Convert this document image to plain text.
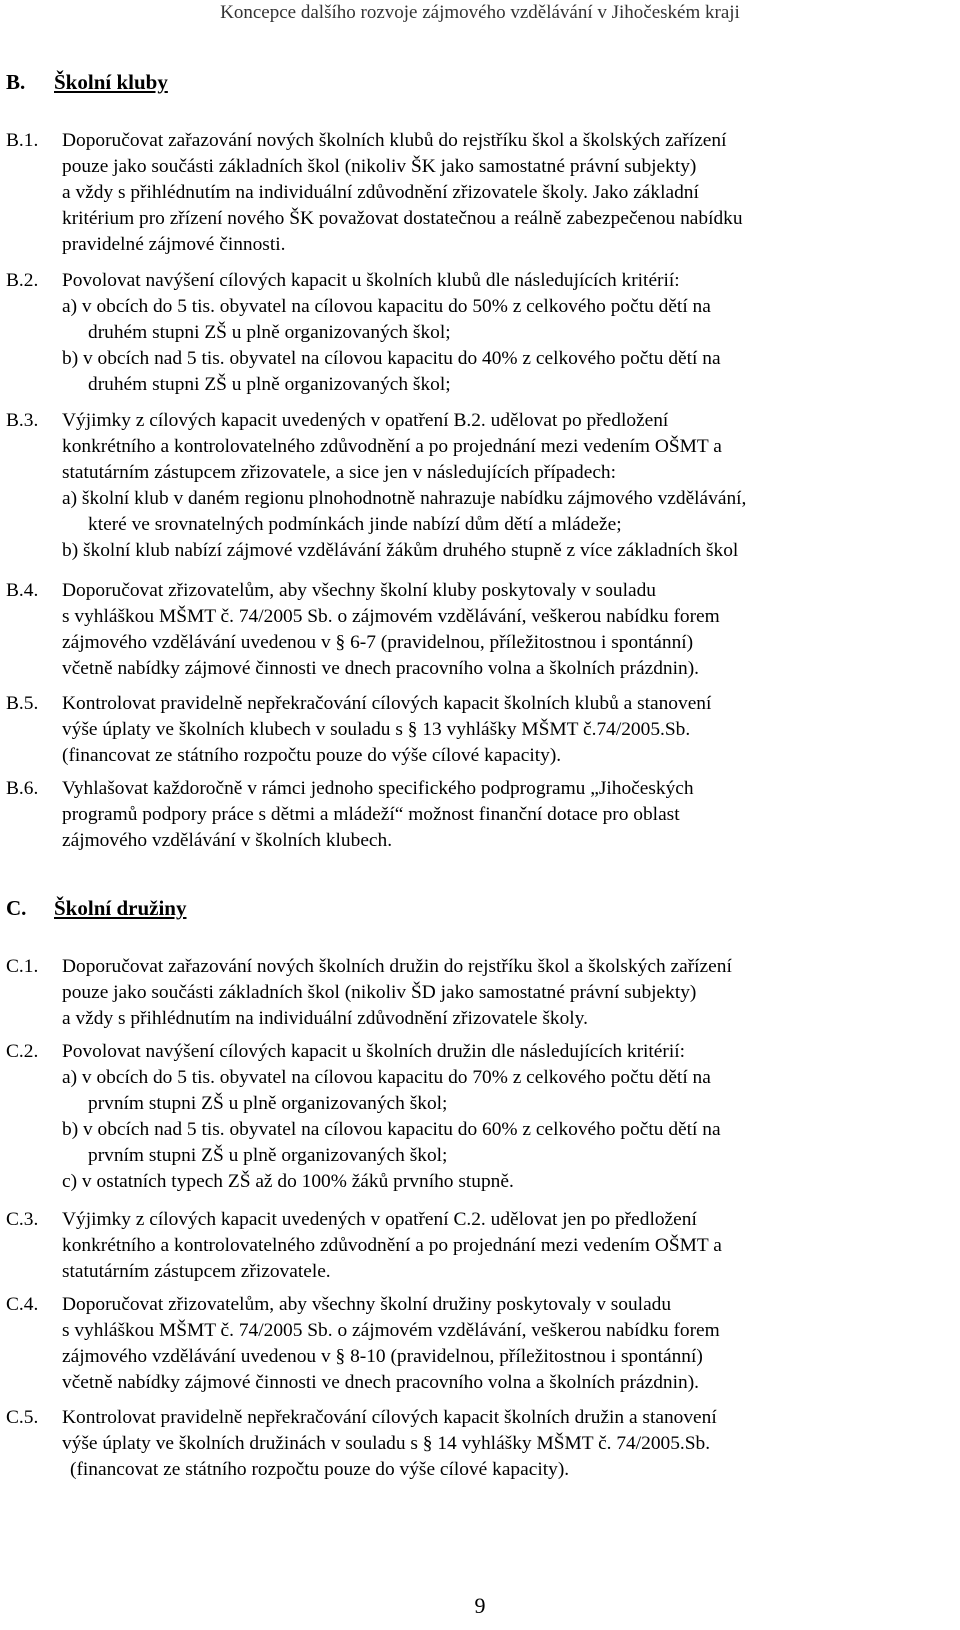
Koncepce dalšího rozvoje zájmového vzdělávání v Jihočeském kraji
B. Školní kluby
B.1.	Doporučovat zařazování nových školních klubů do rejstříku škol a školských zařízení
pouze jako součásti základních škol (nikoliv ŠK jako samostatné právní subjekty)
a vždy s přihlédnutím na individuální zdůvodnění zřizovatele školy. Jako základní
kritérium pro zřízení nového ŠK považovat dostatečnou a reálně zabezpečenou nabídku
pravidelné zájmové činnosti.
B.2.	Povolovat navýšení cílových kapacit u školních klubů dle následujících kritérií:
a) v obcích do 5 tis. obyvatel na cílovou kapacitu do 50% z celkového počtu dětí na
druhém stupni ZŠ u plně organizovaných škol;
b) v obcích nad 5 tis. obyvatel na cílovou kapacitu do 40% z celkového počtu dětí na
druhém stupni ZŠ u plně organizovaných škol;
B.3.	Výjimky z cílových kapacit uvedených v opatření B.2. udělovat po předložení
konkrétního a kontrolovatelného zdůvodnění a po projednání mezi vedením OŠMT a
statutárním zástupcem zřizovatele, a sice jen v následujících případech:
a) školní klub v daném regionu plnohodnotně nahrazuje nabídku zájmového vzdělávání,
které ve srovnatelných podmínkách jinde nabízí dům dětí a mládeže;
b) školní klub nabízí zájmové vzdělávání žákům druhého stupně z více základních škol
B.4.	Doporučovat zřizovatelům, aby všechny školní kluby poskytovaly v souladu
s vyhláškou MŠMT č. 74/2005 Sb. o zájmovém vzdělávání, veškerou nabídku forem
zájmového vzdělávání uvedenou v § 6-7 (pravidelnou, příležitostnou i spontánní)
včetně nabídky zájmové činnosti ve dnech pracovního volna a školních prázdnin).
B.5.	Kontrolovat pravidelně nepřekračování cílových kapacit školních klubů a stanovení
výše úplaty ve školních klubech v souladu s § 13 vyhlášky MŠMT č.74/2005.Sb.
(financovat ze státního rozpočtu pouze do výše cílové kapacity).
B.6.	Vyhlašovat každoročně v rámci jednoho specifického podprogramu „Jihočeských
programů podpory práce s dětmi a mládeží“ možnost finanční dotace pro oblast
zájmového vzdělávání v školních klubech.
C. Školní družiny
C.1.	Doporučovat zařazování nových školních družin do rejstříku škol a školských zařízení
pouze jako součásti základních škol (nikoliv ŠD jako samostatné právní subjekty)
a vždy s přihlédnutím na individuální zdůvodnění zřizovatele školy.
C.2.	Povolovat navýšení cílových kapacit u školních družin dle následujících kritérií:
a) v obcích do 5 tis. obyvatel na cílovou kapacitu do 70% z celkového počtu dětí na
prvním stupni ZŠ u plně organizovaných škol;
b) v obcích nad 5 tis. obyvatel na cílovou kapacitu do 60% z celkového počtu dětí na
prvním stupni ZŠ u plně organizovaných škol;
c) v ostatních typech ZŠ až do 100% žáků prvního stupně.
C.3.	Výjimky z cílových kapacit uvedených v opatření C.2. udělovat jen po předložení
konkrétního a kontrolovatelného zdůvodnění a po projednání mezi vedením OŠMT a
statutárním zástupcem zřizovatele.
C.4.	Doporučovat zřizovatelům, aby všechny školní družiny poskytovaly v souladu
s vyhláškou MŠMT č. 74/2005 Sb. o zájmovém vzdělávání, veškerou nabídku forem
zájmového vzdělávání uvedenou v § 8-10 (pravidelnou, příležitostnou i spontánní)
včetně nabídky zájmové činnosti ve dnech pracovního volna a školních prázdnin).
C.5.	Kontrolovat pravidelně nepřekračování cílových kapacit školních družin a stanovení
výše úplaty ve školních družinách v souladu s § 14 vyhlášky MŠMT č. 74/2005.Sb.
(financovat ze státního rozpočtu pouze do výše cílové kapacity).
9
